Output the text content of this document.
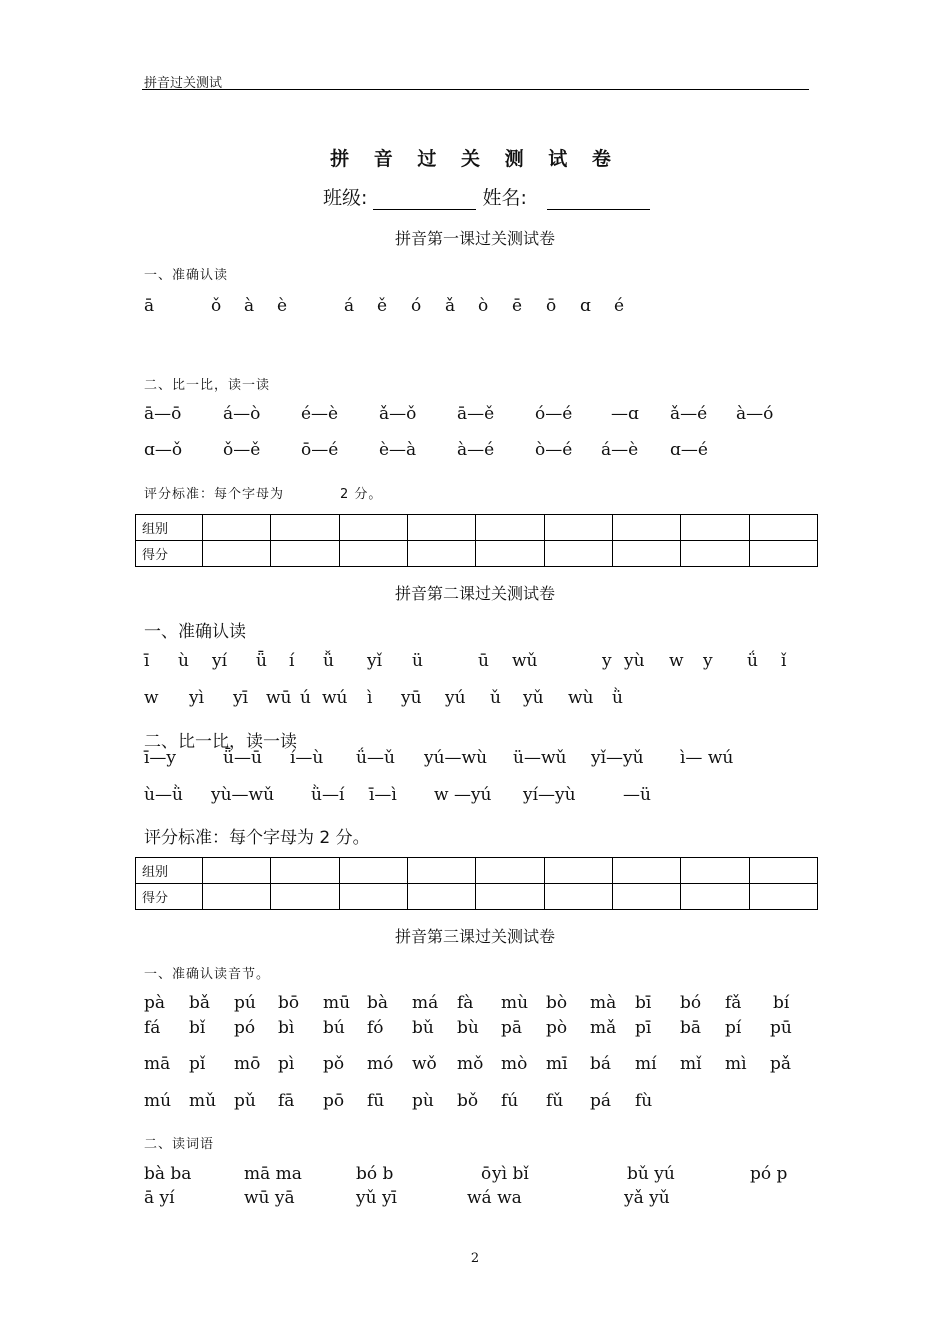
拼音过关测试
拼 音 过 关 测 试 卷
班级:	姓名:
拼音第一课过关测试卷
一、准确认读
ā	ǒ à è	á ě ó ǎ ò ē ō ɑ é
二、比一比，读一读
ā—ō á—ò é—è ǎ—ǒ ā—ě ó—é —ɑ ǎ—é à—ó
ɑ—ǒ ǒ—ě ō—é è—à à—é ò—é á—è ɑ—é
评分标准：每个字母为	2 分。
组别									
得分									
拼音第二课过关测试卷
一、准确认读
ī ù yí ǖ í ǚ yǐ ü	ū wǔ	y yù w y ǘ ǐ
w yì yī wū ú wú ì yū yú ǔ yǔ wù ǜ
二、比一比，读一读
ī—y	ǖ—ū í—ù ǘ—ǔ yú—wù ü—wǔ yǐ—yǔ ì— wú
ù—ǜ yù—wǔ ǜ—í ī—ì w —yú yí—yù	—ü
评分标准：每个字母为 2 分。
组别									
得分									
拼音第三课过关测试卷
一、准确认读音节。
pà bǎ pú bō mū bà má fà mù bò mà bī bó fǎ bí
fá bǐ pó bì bú fó bǔ bù pā pò mǎ pī bā pí pū
mā pǐ mō pì pǒ mó wǒ mǒ mò mī bá mí mǐ mì pǎ
mú mǔ pǔ fā pō fū pù bǒ fú fǔ pá fù
二、读词语
bà ba	mā ma	bó b	ō yì bǐ	bǔ yú	pó p
ā yí	wū yā	yǔ yī	wá wa	yǎ yǔ
2
